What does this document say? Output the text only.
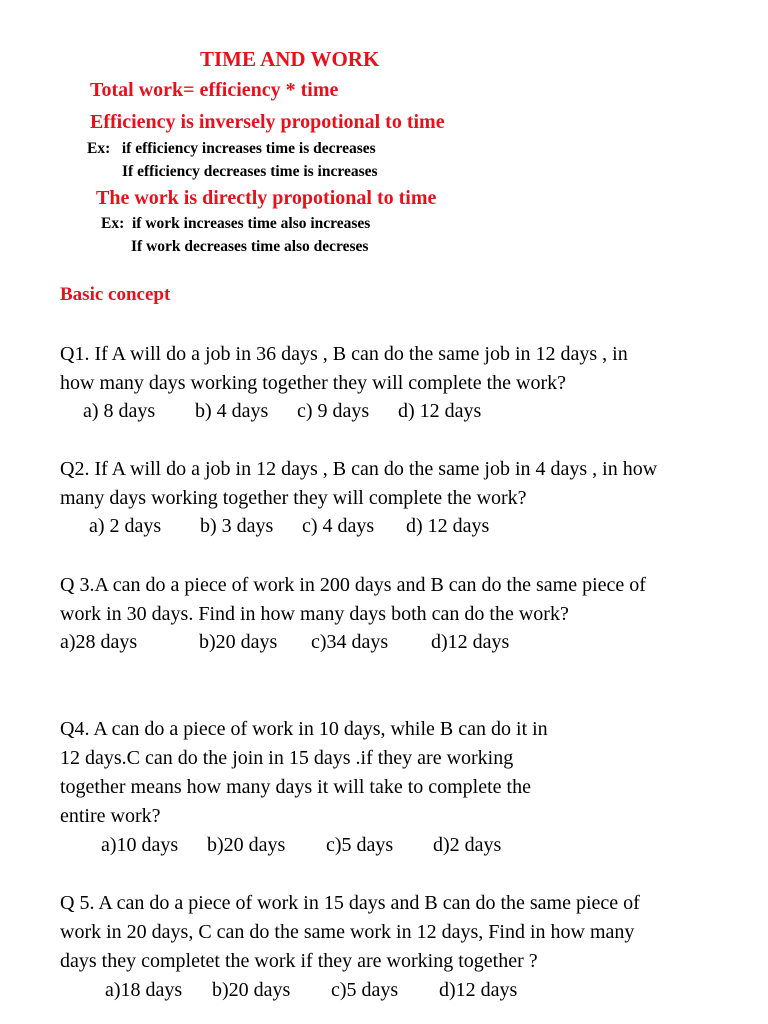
TIME AND WORK
Total work= efficiency * time
Efficiency is inversely propotional to time
Ex: if efficiency increases time is decreases
If efficiency decreases time is increases
The work is directly propotional to time
Ex: if work increases time also increases
If work decreases time also decreses
Basic concept
Q1. If A will do a job in 36 days , B can do the same job in 12 days , in
how many days working together they will complete the work?
a) 8 days b) 4 days c) 9 days d) 12 days
Q2. If A will do a job in 12 days , B can do the same job in 4 days , in how
many days working together they will complete the work?
a) 2 days b) 3 days c) 4 days d) 12 days
Q 3.A can do a piece of work in 200 days and B can do the same piece of
work in 30 days. Find in how many days both can do the work?
a)28 days	b)20 days c)34 days d)12 days
Q4. A can do a piece of work in 10 days, while B can do it in
12 days.C can do the join in 15 days .if they are working
together means how many days it will take to complete the
entire work?
a)10 days b)20 days c)5 days d)2 days
Q 5. A can do a piece of work in 15 days and B can do the same piece of
work in 20 days, C can do the same work in 12 days, Find in how many
days they completet the work if they are working together ?
a)18 days b)20 days c)5 days d)12 days
